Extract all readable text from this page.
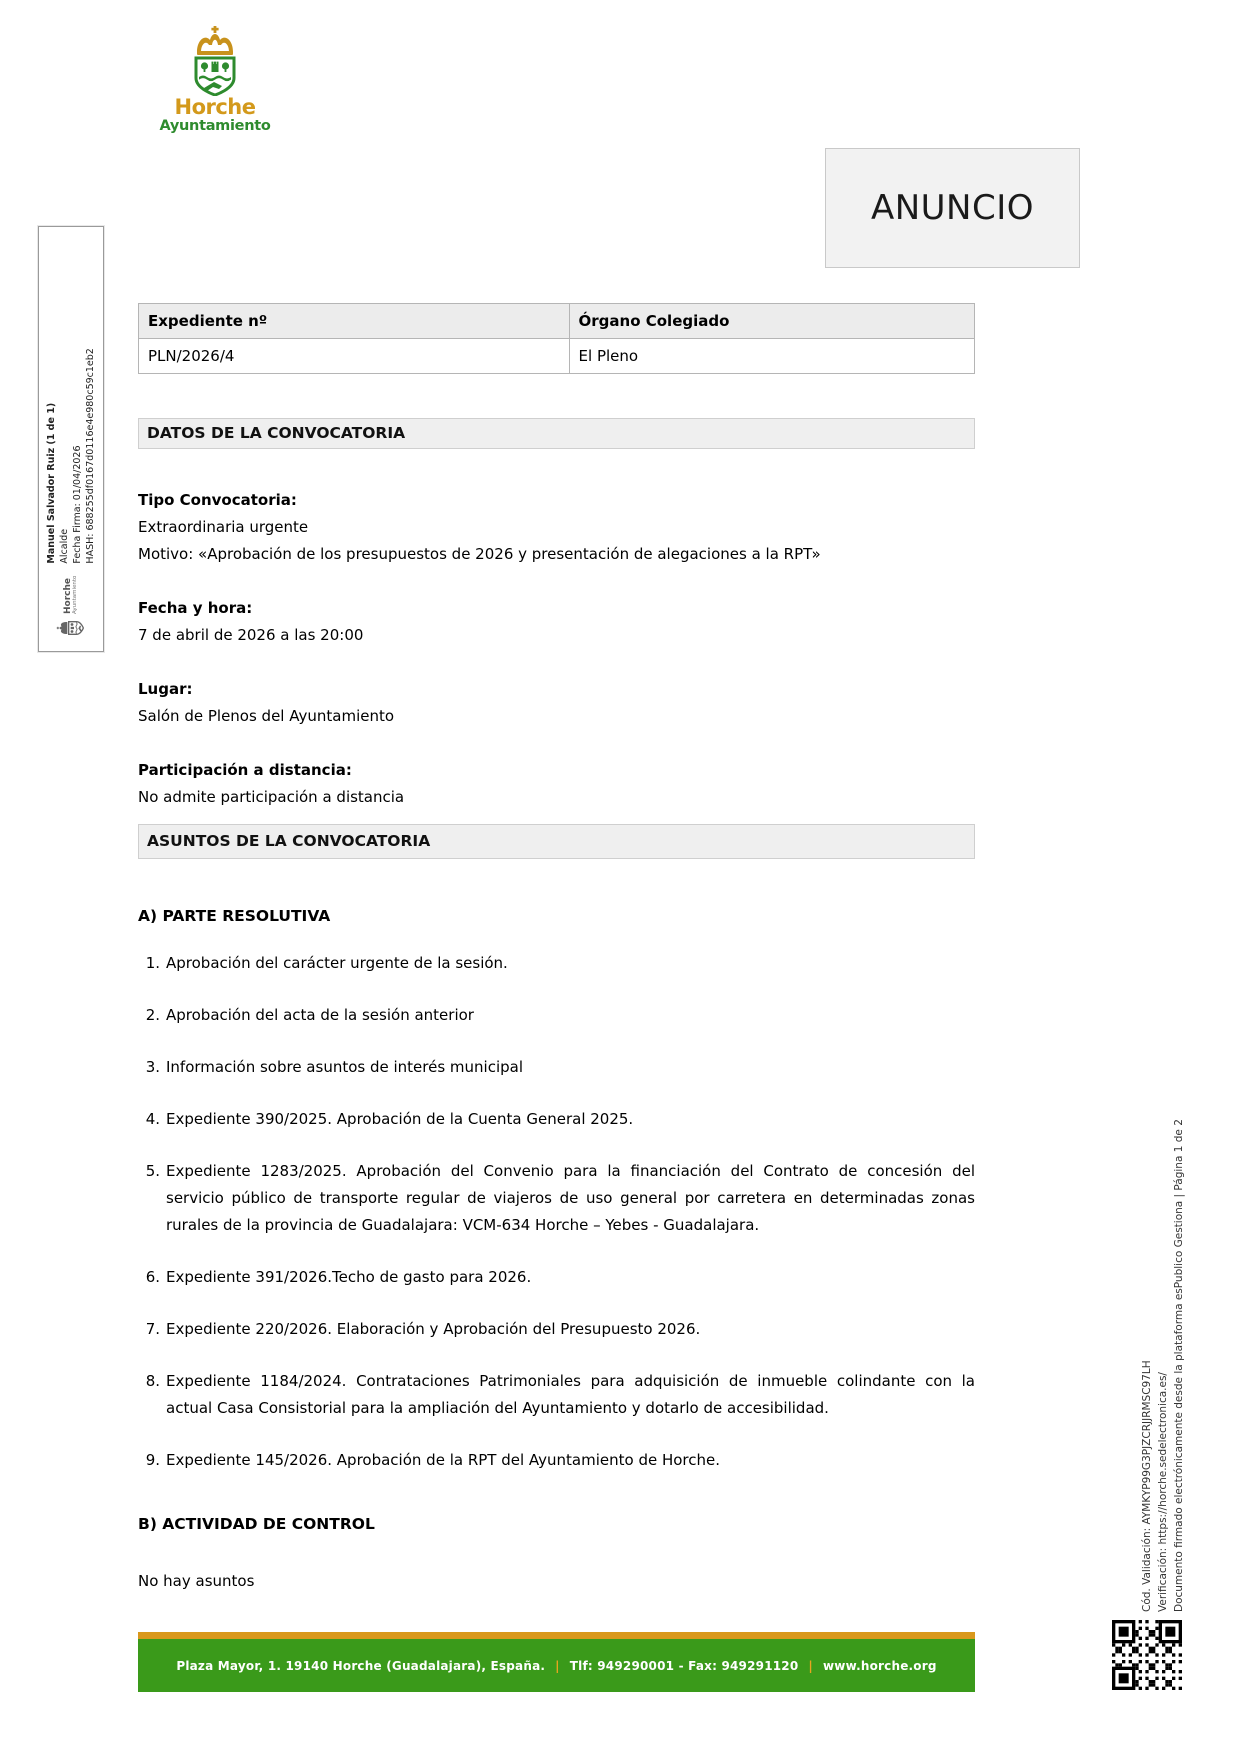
Horche
Ayuntamiento
ANUNCIO
Horche Ayuntamiento
Manuel Salvador Ruiz (1 de 1) Alcalde Fecha Firma: 01/04/2026 HASH: 688255df0167d0116e4e980c59c1eb2
Expediente nº	Órgano Colegiado
PLN/2026/4	El Pleno
DATOS DE LA CONVOCATORIA

Tipo Convocatoria:
Extraordinaria urgente
Motivo: «Aprobación de los presupuestos de 2026 y presentación de alegaciones a la RPT»

Fecha y hora:
7 de abril de 2026 a las 20:00

Lugar:
Salón de Plenos del Ayuntamiento

Participación a distancia:
No admite participación a distancia

ASUNTOS DE LA CONVOCATORIA
A) PARTE RESOLUTIVA
1. Aprobación del carácter urgente de la sesión.
2. Aprobación del acta de la sesión anterior
3. Información sobre asuntos de interés municipal
4. Expediente 390/2025. Aprobación de la Cuenta General 2025.
5. Expediente 1283/2025. Aprobación del Convenio para la financiación del Contrato de concesión del servicio público de transporte regular de viajeros de uso general por carretera en determinadas zonas rurales de la provincia de Guadalajara: VCM-634 Horche – Yebes - Guadalajara.
6. Expediente 391/2026.Techo de gasto para 2026.
7. Expediente 220/2026. Elaboración y Aprobación del Presupuesto 2026.
8. Expediente 1184/2024. Contrataciones Patrimoniales para adquisición de inmueble colindante con la actual Casa Consistorial para la ampliación del Ayuntamiento y dotarlo de accesibilidad.
9. Expediente 145/2026. Aprobación de la RPT del Ayuntamiento de Horche.
B) ACTIVIDAD DE CONTROL
No hay asuntos
Plaza Mayor, 1. 19140 Horche (Guadalajara), España. | Tlf: 949290001 - Fax: 949291120 | www.horche.org
Cód. Validación: AYMKYP99G3PJZCRJJRMSC97LH Verificación: https://horche.sedelectronica.es/ Documento firmado electrónicamente desde la plataforma esPublico Gestiona | Página 1 de 2
